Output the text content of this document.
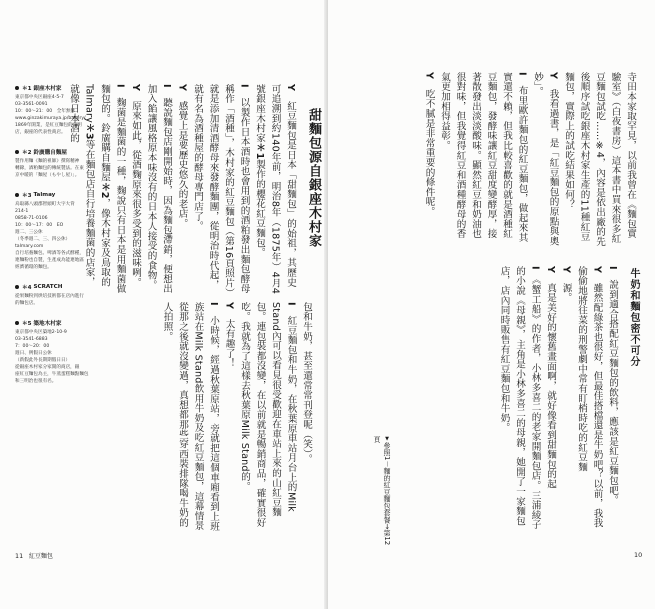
＊1
銀座木村家
東京都中央区銀座4-5-7
03-3561-0091
10：00～21：00　全年無休
www.ginzakimuraya.jp/bakery/
1869年開業，是紅豆麵包的發明
店，銀座的代表性商店。
＊2
鈴廣購自麵屋
製作用麵《麵的祖師》撰寫精神
轉錄，酒粕麵包的傳統製法。在東
京中暖的「麵屋（もやし屋）」。
＊3
Talmay
烏取縣八頭郡智頭町大字大背
214-1
0858-71-0106
10：00～17：00　EO
週二、三公休
（冬季週二、三、四公休）
talmary.com
自行培養麵包、啤酒等各式酵種，
連麵粉也自製，生產成為能連地區
經濟循環的麵包。
＊4
SCRATCH
從果麵粉到烘培技術都在店內進行
的麵包店。
＊5
築地木村家
東京都中央区築地2-10-9
03-3541-6883
7：00～20：00
週日、例假日公休
（新假此外長期期假日日）
從銀座木村家分家開的商店，銀
座紅豆麵包為主，牛蒸蛋糕麵點麵包
和三明治也很有名。
甜麵包源自銀座木村家

Y　紅豆麵包是日本「甜麵包」的始祖，其歷史可追溯到約140年前，明治8年（1875年）4月4號銀座木村家＊1製作的櫻花紅豆麵包。

I　以製作日本酒時也會用到的酒粕發出麵包酵母稱作「酒種」，木村家的紅豆麵包（第16頁照片）就是添加清酒酵母來發酵麵團，從明治時代起，就有名為酒種屋的酵母專門店了。

Y　感覺上是要歷史悠久的老店。

I　聽說麵包店剛開始時，因為麵包滯銷，便想出加入餡讓風格原本味沒有的日本人接受的食物。

Y　原來如此，從酒麴原來很多受到的滋味咧。

I　麴菌是麵菌的一種，麴說只有日本是用麵菌做麵包的。鈴廣購自麵屋＊2，像木村家及鳥取的Talmary＊3等在麵包店自行培養麵菌的店家，就像日本酒的

包和牛奶，甚至還常常刊登呢（笑）。

I　紅豆麵包和牛奶，在秋葉原車站月台上的Milk Stand內可以看見很受歡迎在車站上來的山紅豆麵包。連包裝都沒變，在以前就是暢銷商品，確實很好吃。我就為了這樣去秋葉原Milk Stand的。

Y　太有趣了！

I　小時候，經過秋葉原站，旁就把這個車廂看到上班族站在Milk Stand飲用牛奶及吃紅豆麵包，這幕情景從那之後就沒變過，真想都那些穿西裝排隊喝牛奶的人拍照。

11 紅豆麵包

寺田本家取罕見，以前我曾在《麵包實驗室》（白夜書房）這本書中買來很多紅豆麵包試吃……※4，內容是依出廠的先後順序試吃銀座木村家生產的11種紅豆麵包，實際上的試吃結果如何？

Y　我看過書，是「紅豆麵包的原點與奧妙」。

I　布里歐許麵包的紅豆麵包，做起來其實還不賴，但我比較喜歡的就是酒種紅豆麵包，發酵味讓紅豆甜度變酵厚，接著散發出淡淡酸味。顯然紅豆和奶油也很對味，但我覺得紅豆和酒種酵母的香氣更加相得益彰。

Y　吃不膩是非常重要的條件呢。

牛奶和麵包密不可分

I　說到適合搭配紅豆麵包的飲料，應該是紅豆麵包吧。

Y　雖然配綠茶也很好，但最佳搭檔還是牛奶吧？以前，我我偷偷地將往菜的刑警劇中常有盯梢時吃的紅豆麵

Y　源。

Y　真是美好的懷舊畫面啊，就好像看到甜麵包的起

I　《蟹工船》的作者，小林多喜二的老家開麵包店。三浦綾子的小說《母親》，主角是小林多喜二的母親，她開了一家麵包店，店內同時販售有紅豆麵包和牛奶。

▼參照1－麵的紅豆麵包套餐→第12頁
10
